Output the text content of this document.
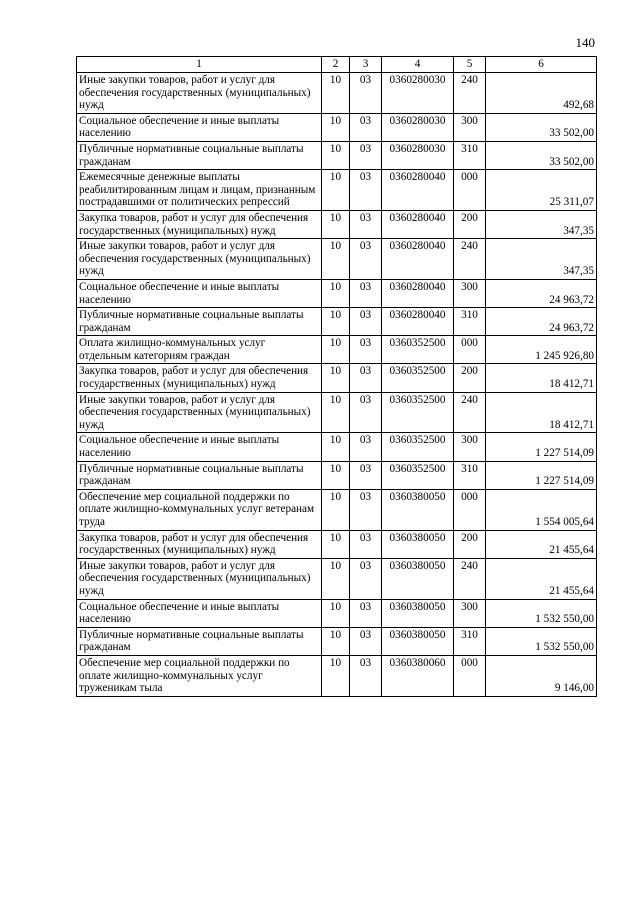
140
1	2	3	4	5	6
Иные закупки товаров, работ и услуг для обеспечения государственных (муниципальных) нужд	10	03	0360280030	240	492,68
Социальное обеспечение и иные выплаты населению	10	03	0360280030	300	33 502,00
Публичные нормативные социальные выплаты гражданам	10	03	0360280030	310	33 502,00
Ежемесячные денежные выплаты реабилитированным лицам и лицам, признанным пострадавшими от политических репрессий	10	03	0360280040	000	25 311,07
Закупка товаров, работ и услуг для обеспечения государственных (муниципальных) нужд	10	03	0360280040	200	347,35
Иные закупки товаров, работ и услуг для обеспечения государственных (муниципальных) нужд	10	03	0360280040	240	347,35
Социальное обеспечение и иные выплаты населению	10	03	0360280040	300	24 963,72
Публичные нормативные социальные выплаты гражданам	10	03	0360280040	310	24 963,72
Оплата жилищно-коммунальных услуг отдельным категориям граждан	10	03	0360352500	000	1 245 926,80
Закупка товаров, работ и услуг для обеспечения государственных (муниципальных) нужд	10	03	0360352500	200	18 412,71
Иные закупки товаров, работ и услуг для обеспечения государственных (муниципальных) нужд	10	03	0360352500	240	18 412,71
Социальное обеспечение и иные выплаты населению	10	03	0360352500	300	1 227 514,09
Публичные нормативные социальные выплаты гражданам	10	03	0360352500	310	1 227 514,09
Обеспечение мер социальной поддержки по оплате жилищно-коммунальных услуг ветеранам труда	10	03	0360380050	000	1 554 005,64
Закупка товаров, работ и услуг для обеспечения государственных (муниципальных) нужд	10	03	0360380050	200	21 455,64
Иные закупки товаров, работ и услуг для обеспечения государственных (муниципальных) нужд	10	03	0360380050	240	21 455,64
Социальное обеспечение и иные выплаты населению	10	03	0360380050	300	1 532 550,00
Публичные нормативные социальные выплаты гражданам	10	03	0360380050	310	1 532 550,00
Обеспечение мер социальной поддержки по оплате жилищно-коммунальных услуг труженикам тыла	10	03	0360380060	000	9 146,00
